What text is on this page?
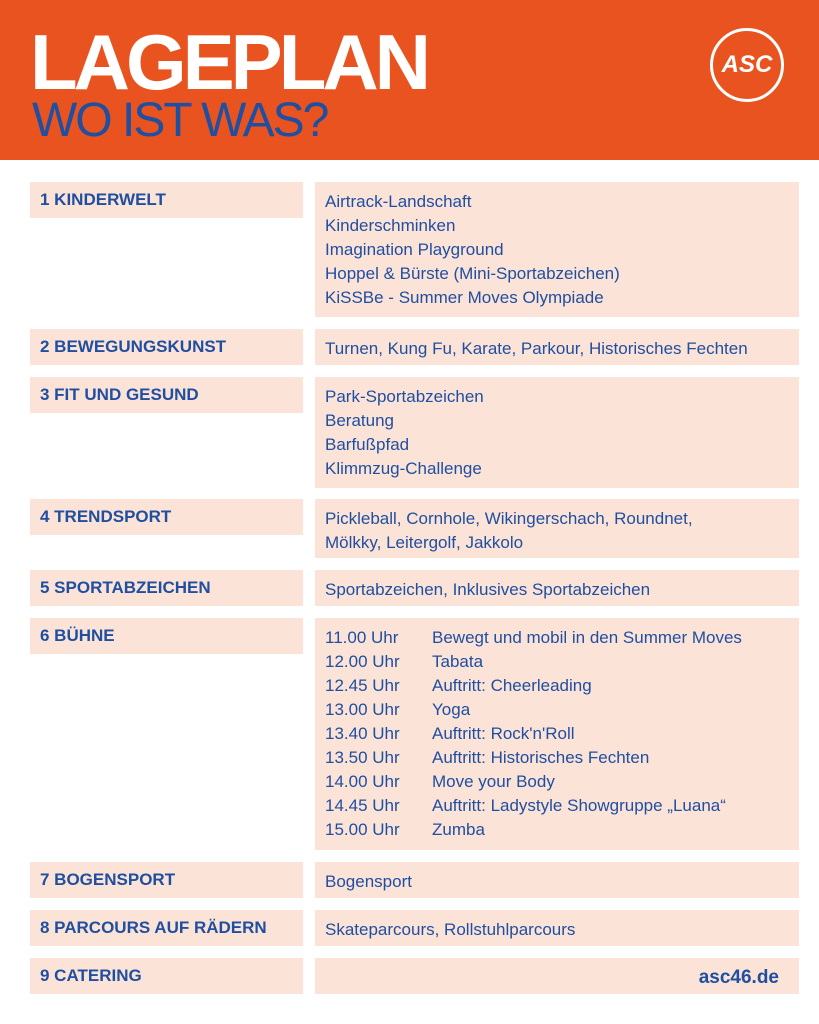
LAGEPLAN
WO IST WAS?
ASC
1 KINDERWELT	Airtrack-Landschaft
Kinderschminken
Imagination Playground
Hoppel & Bürste (Mini-Sportabzeichen)
KiSSBe - Summer Moves Olympiade
2 BEWEGUNGSKUNST	Turnen, Kung Fu, Karate, Parkour, Historisches Fechten
3 FIT UND GESUND	Park-Sportabzeichen
Beratung
Barfußpfad
Klimmzug-Challenge
4 TRENDSPORT	Pickleball, Cornhole, Wikingerschach, Roundnet,
Mölkky, Leitergolf, Jakkolo
5 SPORTABZEICHEN	Sportabzeichen, Inklusives Sportabzeichen
6 BÜHNE	11.00 Uhr	Bewegt und mobil in den Summer Moves
12.00 Uhr	Tabata
12.45 Uhr	Auftritt: Cheerleading
13.00 Uhr	Yoga
13.40 Uhr	Auftritt: Rock'n'Roll
13.50 Uhr	Auftritt: Historisches Fechten
14.00 Uhr	Move your Body
14.45 Uhr	Auftritt: Ladystyle Showgruppe „Luana“
15.00 Uhr	Zumba
7 BOGENSPORT	Bogensport
8 PARCOURS AUF RÄDERN	Skateparcours, Rollstuhlparcours
9 CATERING	asc46.de
